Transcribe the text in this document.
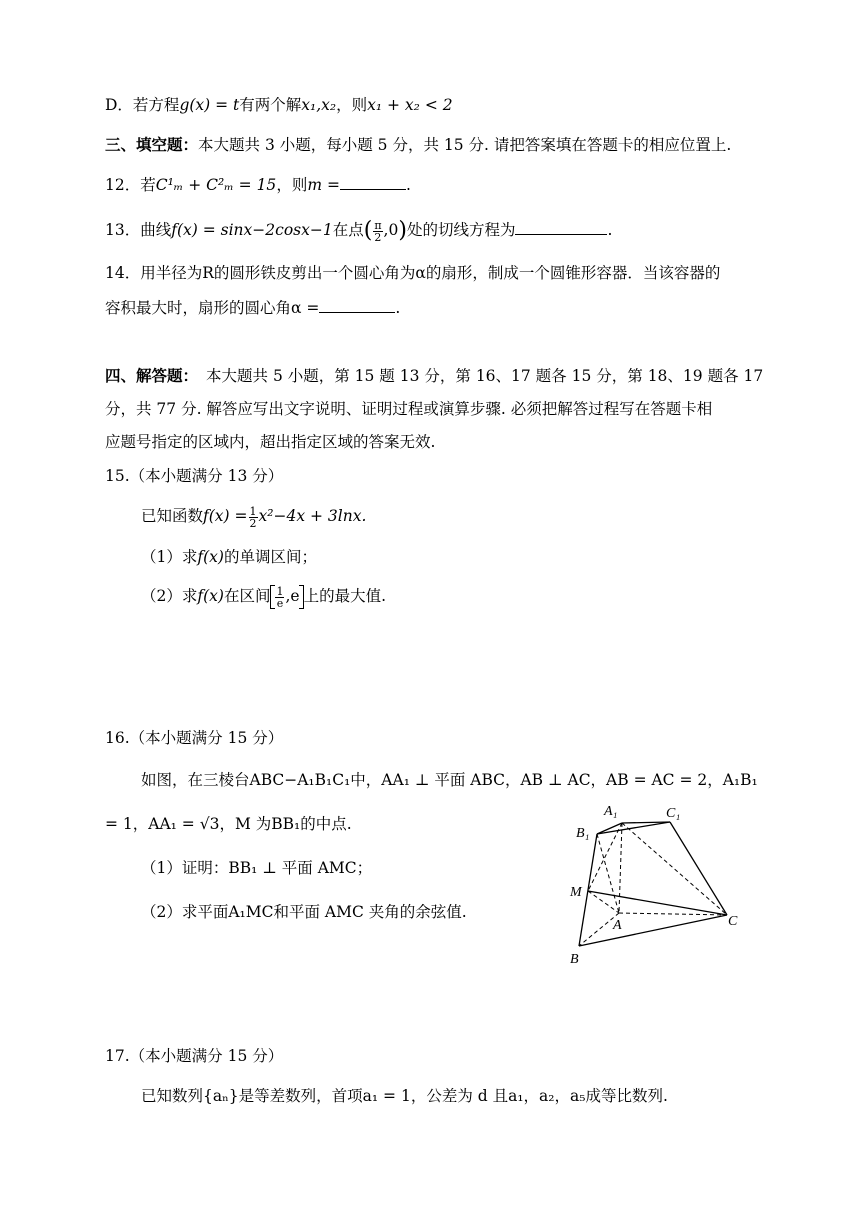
D．若方程g(x) = t有两个解x₁,x₂，则x₁ + x₂ < 2
三、填空题：本大题共 3 小题，每小题 5 分，共 15 分. 请把答案填在答题卡的相应位置上.
12．若C¹ₘ + C²ₘ = 15，则m =	.
13．曲线f(x) = sinx−2cosx−1在点( $\frac{\pi}{2} ,0$)处的切线方程为	.
14．用半径为R的圆形铁皮剪出一个圆心角为α的扇形，制成一个圆锥形容器．当该容器的
容积最大时，扇形的圆心角α =	.
四、解答题： 本大题共 5 小题，第 15 题 13 分，第 16、17 题各 15 分，第 18、19 题各 17
分，共 77 分. 解答应写出文字说明、证明过程或演算步骤. 必须把解答过程写在答题卡相
应题号指定的区域内，超出指定区域的答案无效.
15.（本小题满分 13 分）
已知函数$f(x) = \frac{1}{2} x^2-4x + 3\ln x$.
（1）求f(x)的单调区间；
（2）求f(x)在区间 $\frac{1}{e} ,e$ 上的最大值.
16.（本小题满分 15 分）
如图，在三棱台ABC−A₁B₁C₁中，AA₁ ⊥ 平面 ABC，AB ⊥ AC，AB = AC = 2，A₁B₁
= 1，AA₁ = √3，M 为BB₁的中点.
（1）证明：BB₁ ⊥ 平面 AMC；
（2）求平面A₁MC和平面 AMC 夹角的余弦值.
A₁	C₁
B₁
M
A	C
B
17.（本小题满分 15 分）
已知数列{aₙ}是等差数列，首项a₁ = 1，公差为 d 且a₁，a₂，a₅成等比数列.
